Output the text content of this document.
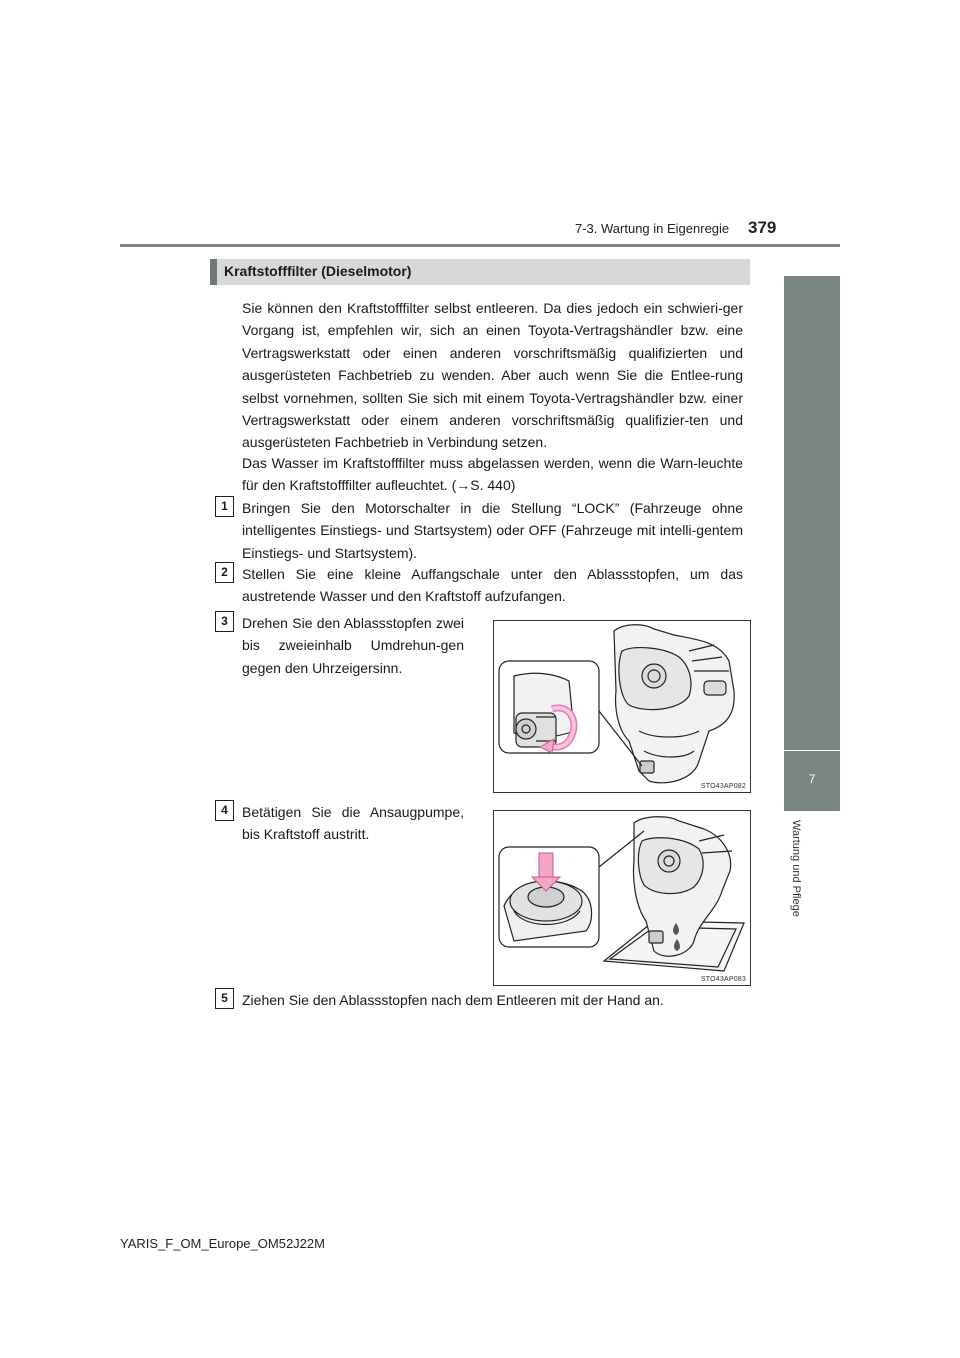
7-3. Wartung in Eigenregie 379
7
Wartung und Pflege
Kraftstofffilter (Dieselmotor)
Sie können den Kraftstofffilter selbst entleeren. Da dies jedoch ein schwieri-ger Vorgang ist, empfehlen wir, sich an einen Toyota-Vertragshändler bzw. eine Vertragswerkstatt oder einen anderen vorschriftsmäßig qualifizierten und ausgerüsteten Fachbetrieb zu wenden. Aber auch wenn Sie die Entlee-rung selbst vornehmen, sollten Sie sich mit einem Toyota-Vertragshändler bzw. einer Vertragswerkstatt oder einem anderen vorschriftsmäßig qualifizier-ten und ausgerüsteten Fachbetrieb in Verbindung setzen.
Das Wasser im Kraftstofffilter muss abgelassen werden, wenn die Warn-leuchte für den Kraftstofffilter aufleuchtet. (→S. 440)
1	Bringen Sie den Motorschalter in die Stellung “LOCK” (Fahrzeuge ohne intelligentes Einstiegs- und Startsystem) oder OFF (Fahrzeuge mit intelli-gentem Einstiegs- und Startsystem).
2	Stellen Sie eine kleine Auffangschale unter den Ablassstopfen, um das austretende Wasser und den Kraftstoff aufzufangen.
3	Drehen Sie den Ablassstopfen zwei bis zweieinhalb Umdrehun-gen gegen den Uhrzeigersinn.
STO43AP082
4	Betätigen Sie die Ansaugpumpe, bis Kraftstoff austritt.
STO43AP083
5	Ziehen Sie den Ablassstopfen nach dem Entleeren mit der Hand an.
YARIS_F_OM_Europe_OM52J22M
